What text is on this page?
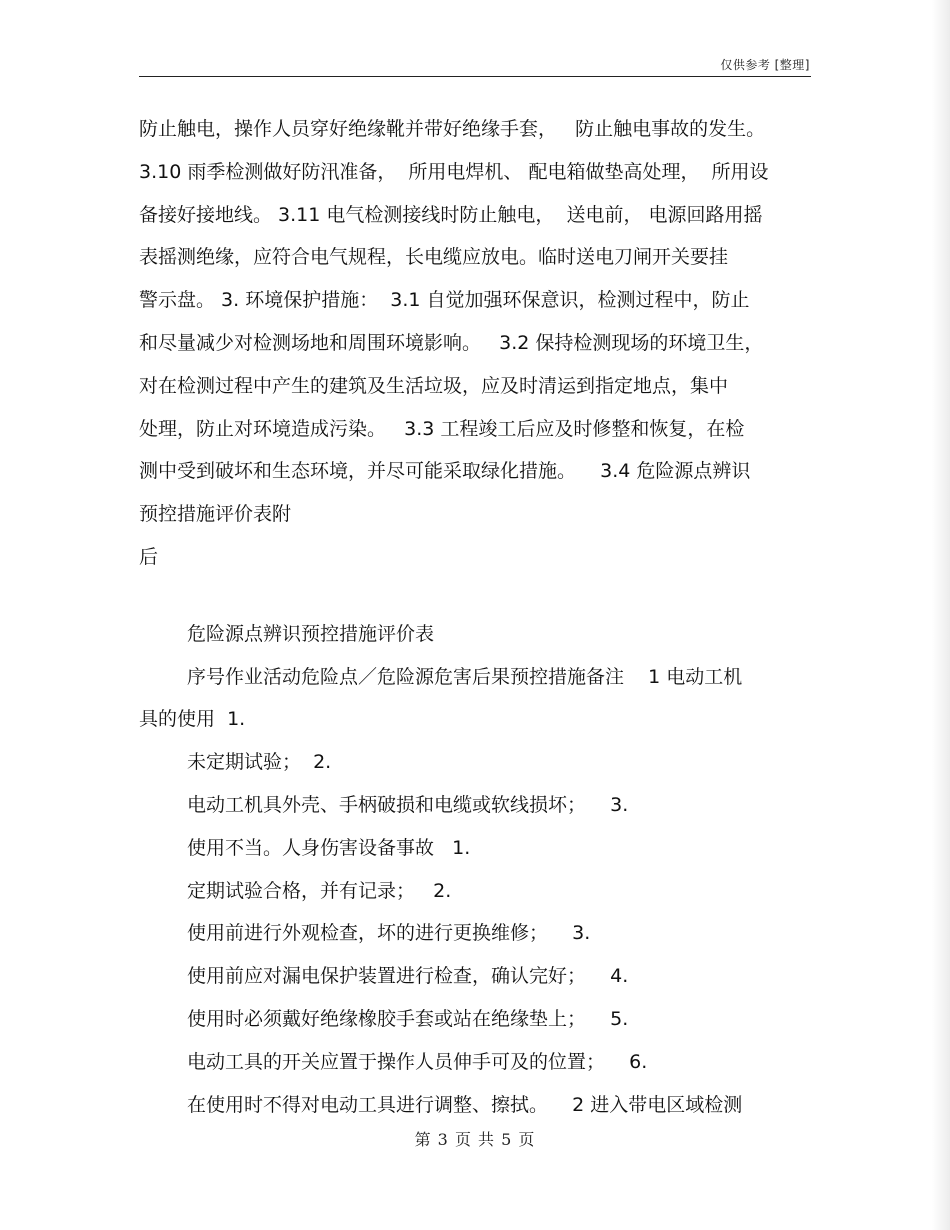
仅供参考 [整理]
防止触电，操作人员穿好绝缘靴并带好绝缘手套，   防止触电事故的发生。
3.10 雨季检测做好防汛准备，  所用电焊机、 配电箱做垫高处理，  所用设
备接好接地线。 3.11 电气检测接线时防止触电，  送电前， 电源回路用摇
表摇测绝缘，应符合电气规程，长电缆应放电。临时送电刀闸开关要挂
警示盘。 3. 环境保护措施：  3.1 自觉加强环保意识，检测过程中，防止
和尽量减少对检测场地和周围环境影响。   3.2 保持检测现场的环境卫生，
对在检测过程中产生的建筑及生活垃圾，应及时清运到指定地点，集中
处理，防止对环境造成污染。   3.3 工程竣工后应及时修整和恢复，在检
测中受到破坏和生态环境，并尽可能采取绿化措施。    3.4 危险源点辨识
预控措施评价表附
后
危险源点辨识预控措施评价表
序号作业活动危险点／危险源危害后果预控措施备注    1 电动工机
具的使用  1.
未定期试验；  2.
电动工机具外壳、手柄破损和电缆或软线损坏；    3.
使用不当。人身伤害设备事故   1.
定期试验合格，并有记录；   2.
使用前进行外观检查，坏的进行更换维修；    3.
使用前应对漏电保护装置进行检查，确认完好；    4.
使用时必须戴好绝缘橡胶手套或站在绝缘垫上；    5.
电动工具的开关应置于操作人员伸手可及的位置；    6.
在使用时不得对电动工具进行调整、擦拭。    2 进入带电区域检测
第 3 页 共 5 页
